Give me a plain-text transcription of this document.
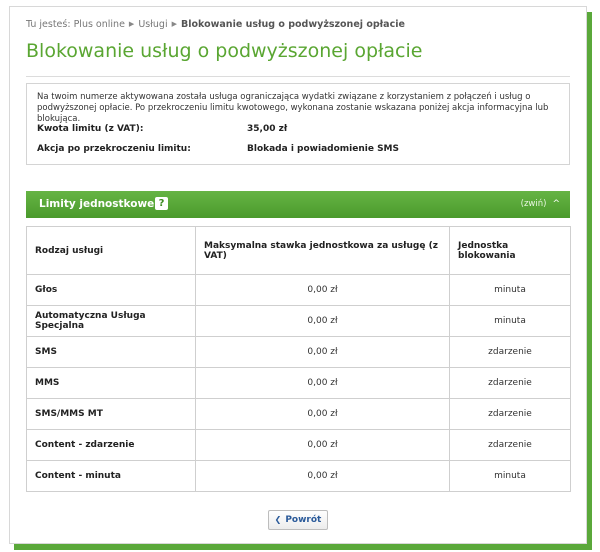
Tu jesteś: Plus online ▶ Usługi ▶ Blokowanie usług o podwyższonej opłacie
Blokowanie usług o podwyższonej opłacie
Na twoim numerze aktywowana została usługa ograniczająca wydatki związane z korzystaniem z połączeń i usług o podwyższonej opłacie. Po przekroczeniu limitu kwotowego, wykonana zostanie wskazana poniżej akcja informacyjna lub blokująca.
Kwota limitu (z VAT):	35,00 zł
Akcja po przekroczeniu limitu:	Blokada i powiadomienie SMS
Limity jednostkowe ?	(zwiń) ^
Rodzaj usługi	Maksymalna stawka jednostkowa za usługę (z VAT)	Jednostka blokowania
Głos	0,00 zł	minuta
Automatyczna Usługa Specjalna	0,00 zł	minuta
SMS	0,00 zł	zdarzenie
MMS	0,00 zł	zdarzenie
SMS/MMS MT	0,00 zł	zdarzenie
Content - zdarzenie	0,00 zł	zdarzenie
Content - minuta	0,00 zł	minuta
❮ Powrót
